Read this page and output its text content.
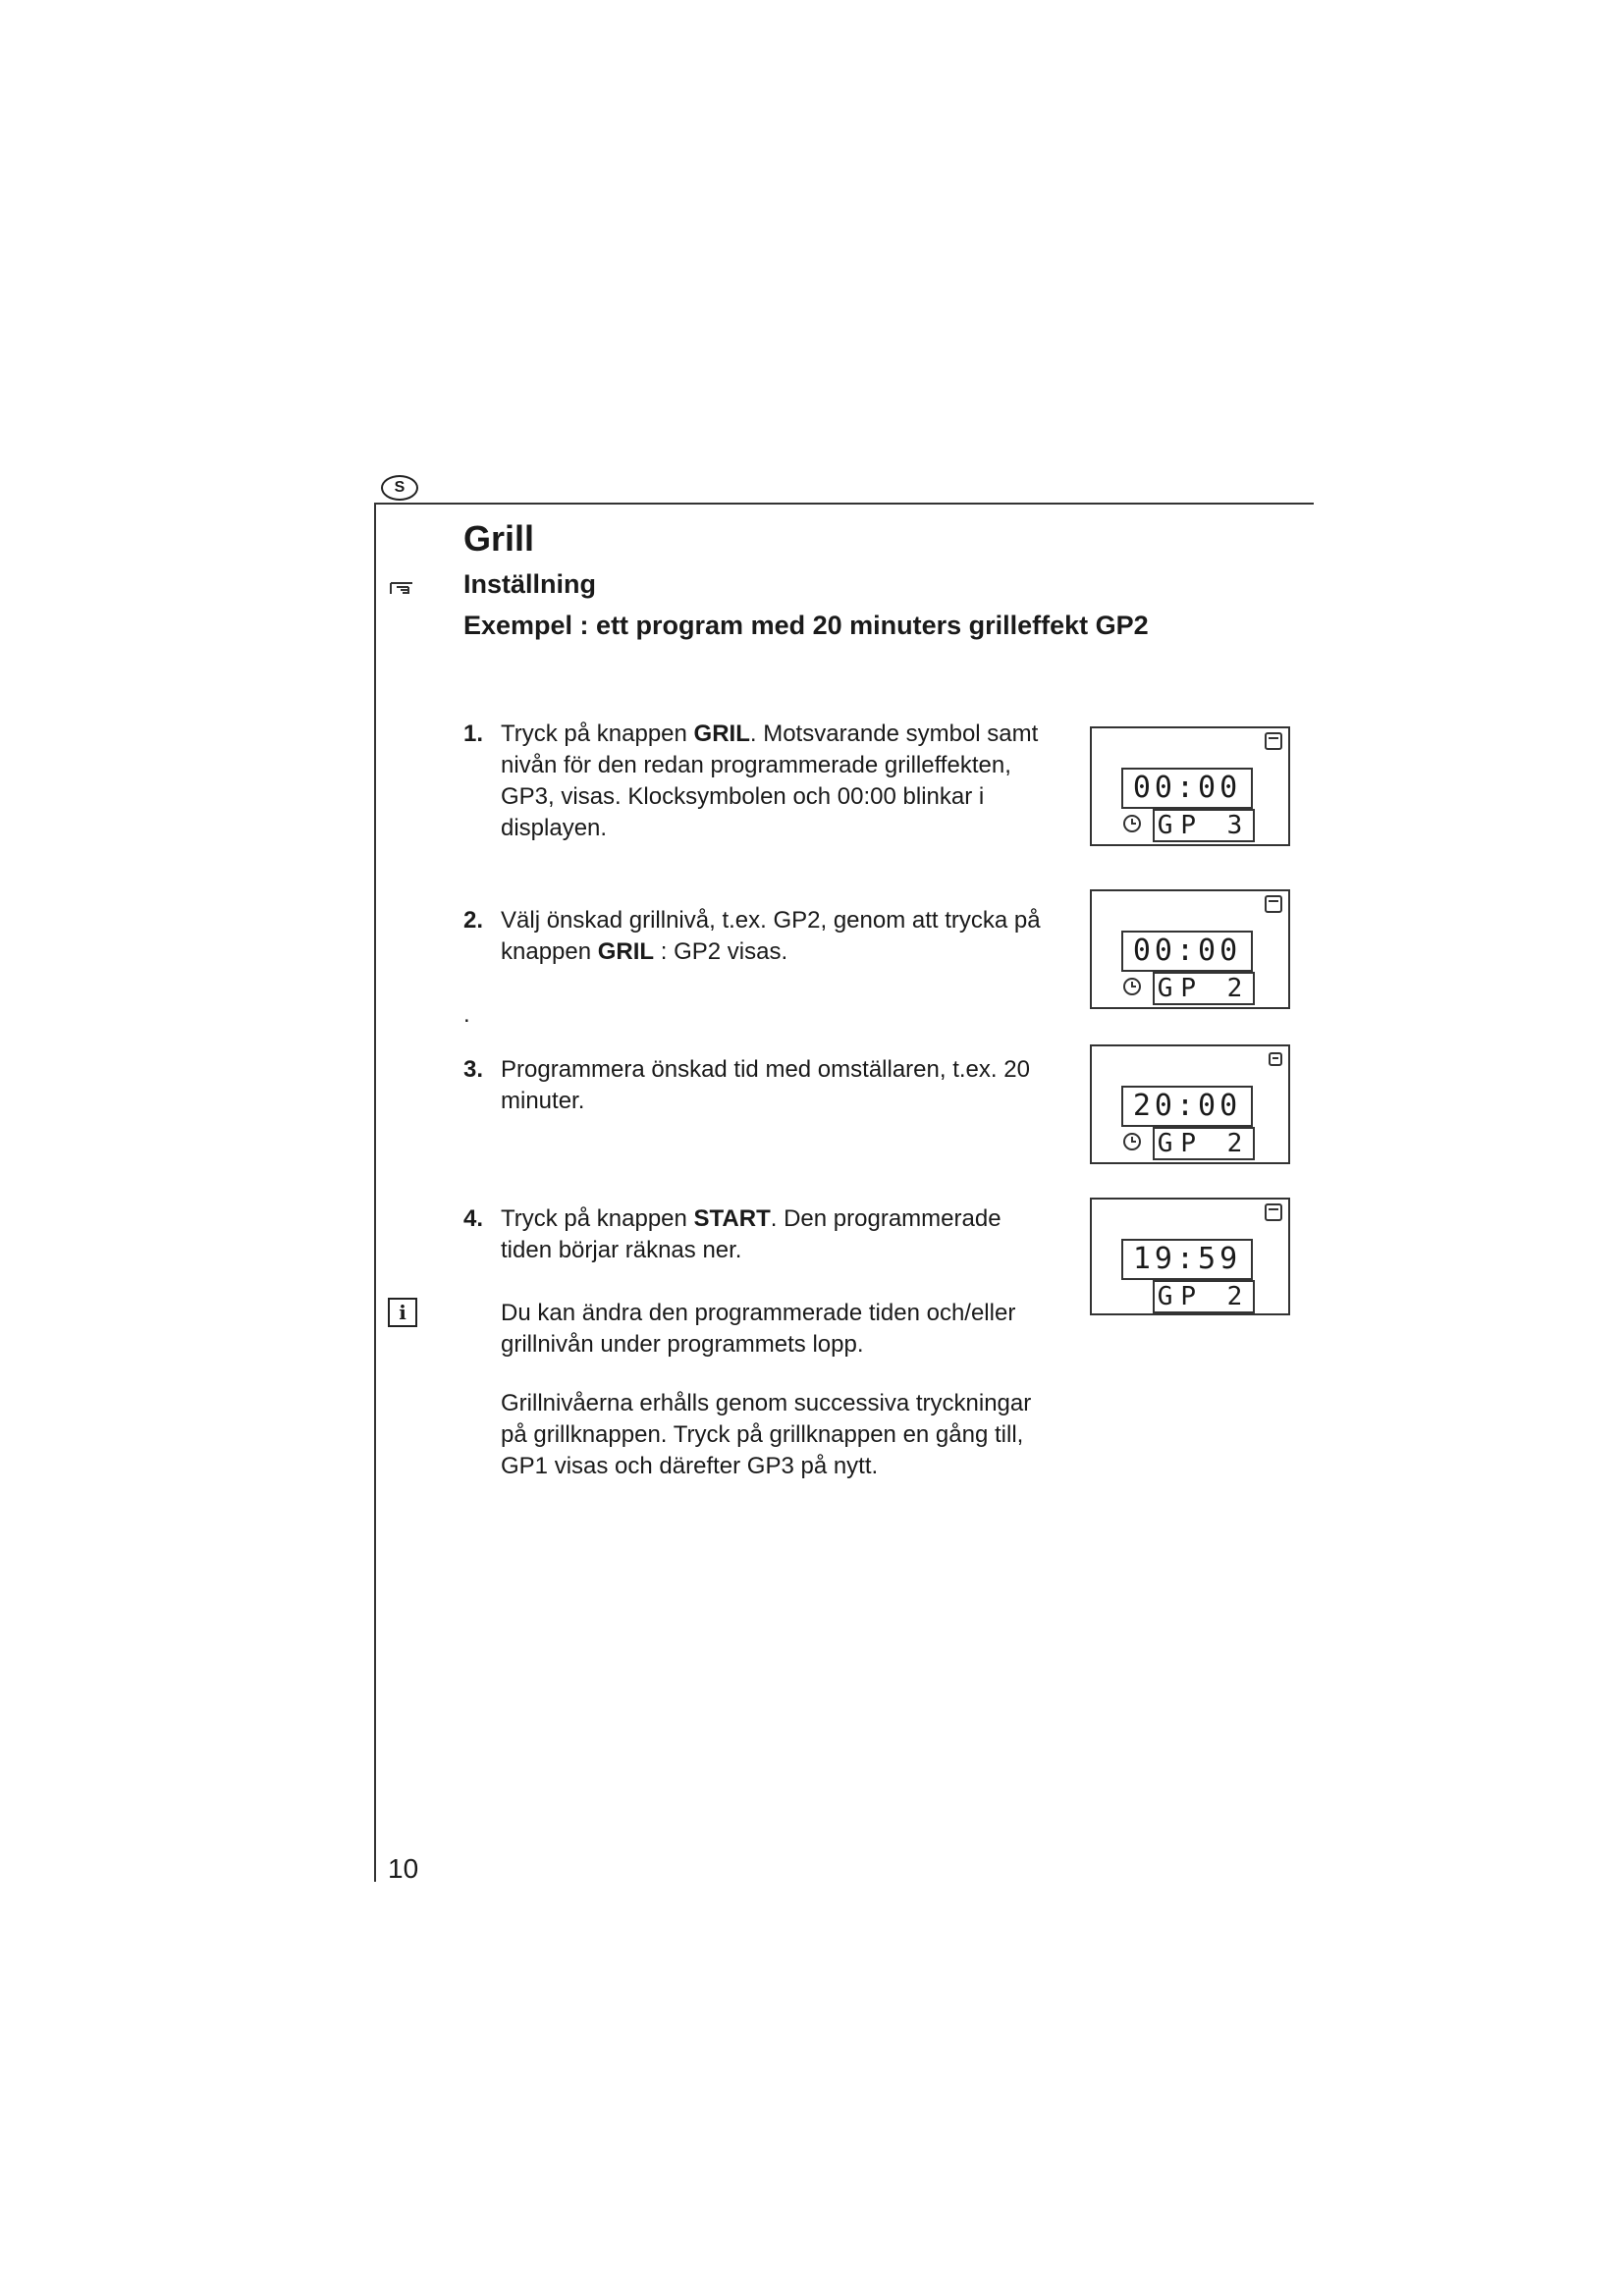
S
Grill
Inställning
Exempel : ett program med 20 minuters grilleffekt GP2
1. Tryck på knappen GRIL. Motsvarande symbol samt nivån för den redan programmerade grilleffekten, GP3, visas. Klocksymbolen och 00:00 blinkar i displayen.
2. Välj önskad grillnivå, t.ex. GP2, genom att trycka på knappen GRIL : GP2 visas.
.
3. Programmera önskad tid med omställaren, t.ex. 20 minuter.
4. Tryck på knappen START. Den programmerade tiden börjar räknas ner.
i	Du kan ändra den programmerade tiden och/eller grillnivån under programmets lopp.
Grillnivåerna erhålls genom successiva tryckningar på grillknappen. Tryck på grillknappen en gång till, GP1 visas och därefter GP3 på nytt.
00:00
GP 3
00:00
GP 2
20:00
GP 2
19:59
GP 2
10
